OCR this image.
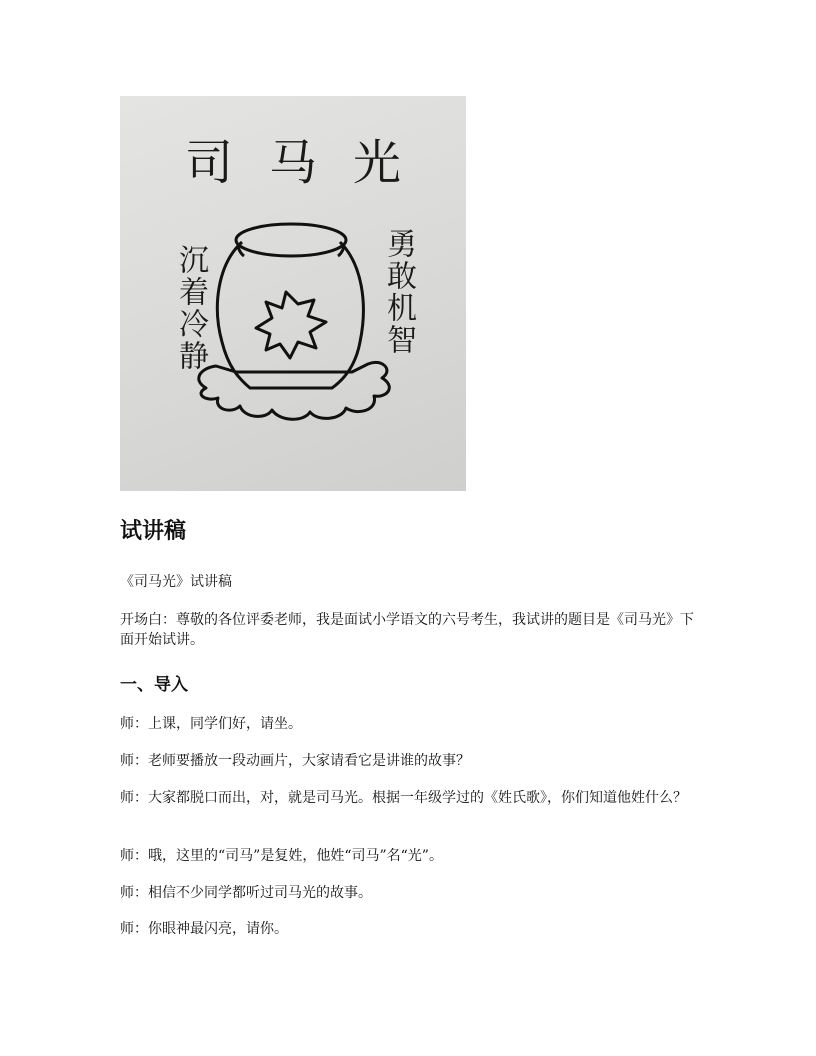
司马光
沉着冷静	勇敢机智
试讲稿

《司马光》试讲稿

开场白：尊敬的各位评委老师，我是面试小学语文的六号考生，我试讲的题目是《司马光》下面开始试讲。

一、导入

师：上课，同学们好，请坐。

师：老师要播放一段动画片，大家请看它是讲谁的故事？

师：大家都脱口而出，对，就是司马光。根据一年级学过的《姓氏歌》，你们知道他姓什么？

师：哦，这里的“司马”是复姓，他姓“司马”名“光”。

师：相信不少同学都听过司马光的故事。

师：你眼神最闪亮，请你。
